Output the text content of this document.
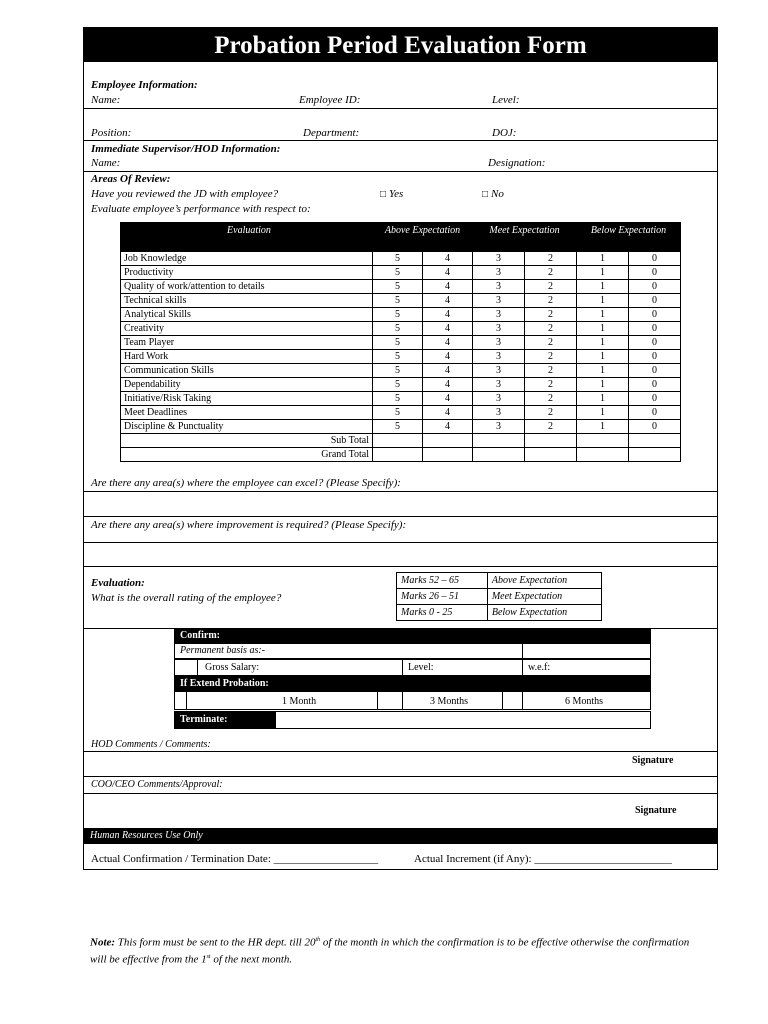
Probation Period Evaluation Form
Employee Information:
Name:	Employee ID:	Level:
Position:	Department:	DOJ:
Immediate Supervisor/HOD Information:
Name:	Designation:
Areas Of Review:
Have you reviewed the JD with employee?	□ Yes	□ No
Evaluate employee’s performance with respect to:
Evaluation	Above Expectation		Meet Expectation		Below Expectation	
Job Knowledge	5	4	3	2	1	0
Productivity	5	4	3	2	1	0
Quality of work/attention to details	5	4	3	2	1	0
Technical skills	5	4	3	2	1	0
Analytical Skills	5	4	3	2	1	0
Creativity	5	4	3	2	1	0
Team Player	5	4	3	2	1	0
Hard Work	5	4	3	2	1	0
Communication Skills	5	4	3	2	1	0
Dependability	5	4	3	2	1	0
Initiative/Risk Taking	5	4	3	2	1	0
Meet Deadlines	5	4	3	2	1	0
Discipline & Punctuality	5	4	3	2	1	0
Sub Total						
Grand Total						
Are there any area(s) where the employee can excel? (Please Specify):
Are there any area(s) where improvement is required? (Please Specify):
Evaluation:
What is the overall rating of the employee?
Marks 52 – 65	Above Expectation
Marks 26 – 51	Meet Expectation
Marks 0 - 25	Below Expectation
Confirm:
Permanent basis as:-
Gross Salary:	Level:	w.e.f:
If Extend Probation:
1 Month	3 Months	6 Months
Terminate:
HOD Comments / Comments:
Signature
COO/CEO Comments/Approval:
Signature
Human Resources Use Only
Actual Confirmation / Termination Date: ___________________	Actual Increment (if Any): _________________________
Note: This form must be sent to the HR dept. till 20th of the month in which the confirmation is to be effective otherwise the confirmation will be effective from the 1st of the next month.
